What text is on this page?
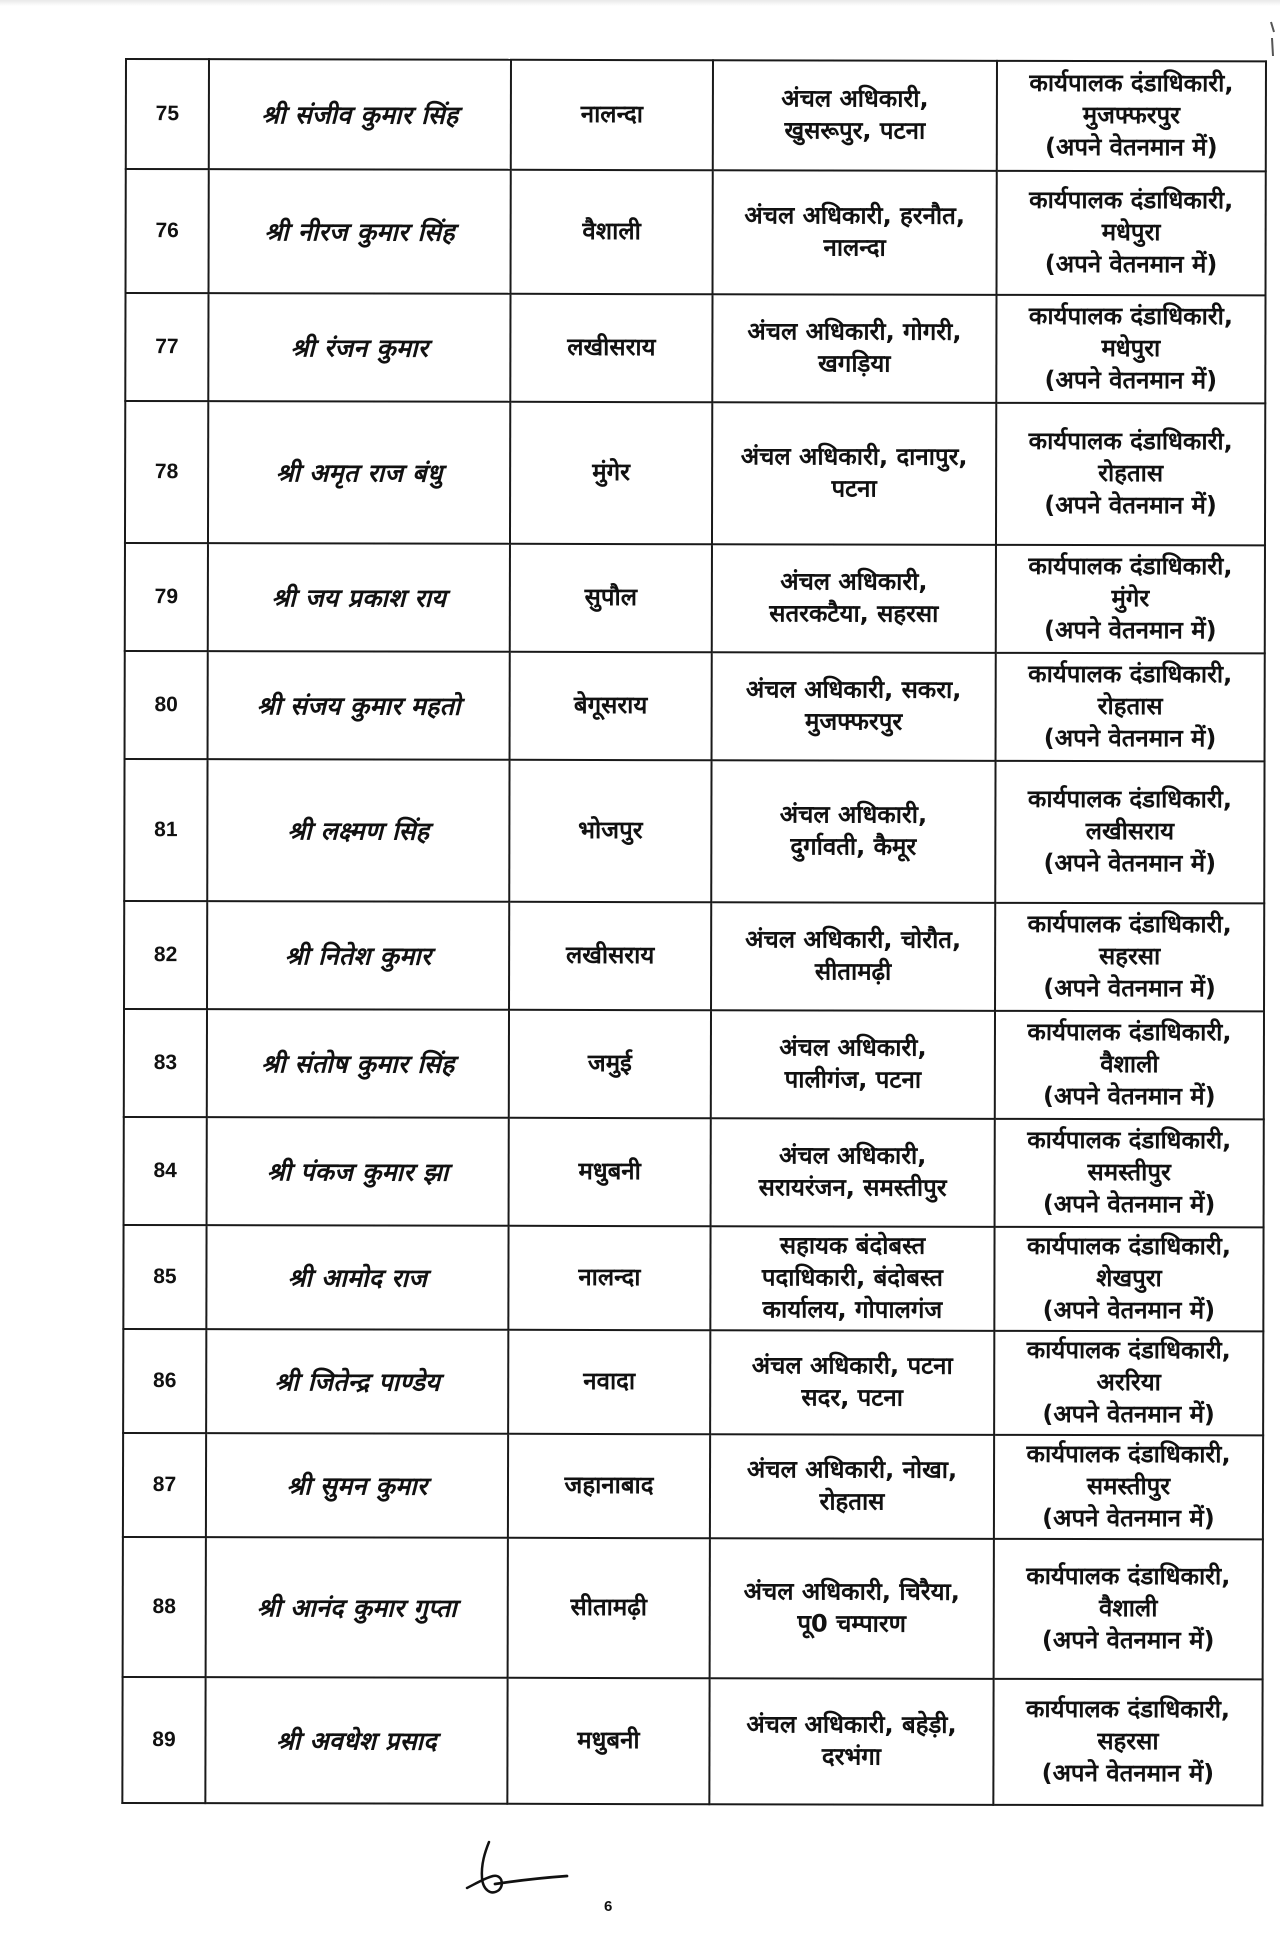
75	श्री संजीव कुमार सिंह	नालन्दा	अंचल अधिकारी,
खुसरूपुर, पटना	कार्यपालक दंडाधिकारी,
मुजफ्फरपुर
(अपने वेतनमान में)

76	श्री नीरज कुमार सिंह	वैशाली	अंचल अधिकारी, हरनौत,
नालन्दा	कार्यपालक दंडाधिकारी,
मधेपुरा
(अपने वेतनमान में)

77	श्री रंजन कुमार	लखीसराय	अंचल अधिकारी, गोगरी,
खगड़िया	कार्यपालक दंडाधिकारी,
मधेपुरा
(अपने वेतनमान में)

78	श्री अमृत राज बंधु	मुंगेर	अंचल अधिकारी, दानापुर,
पटना	कार्यपालक दंडाधिकारी,
रोहतास
(अपने वेतनमान में)

79	श्री जय प्रकाश राय	सुपौल	अंचल अधिकारी,
सतरकटैया, सहरसा	कार्यपालक दंडाधिकारी,
मुंगेर
(अपने वेतनमान में)

80	श्री संजय कुमार महतो	बेगूसराय	अंचल अधिकारी, सकरा,
मुजफ्फरपुर	कार्यपालक दंडाधिकारी,
रोहतास
(अपने वेतनमान में)

81	श्री लक्ष्मण सिंह	भोजपुर	अंचल अधिकारी,
दुर्गावती, कैमूर	कार्यपालक दंडाधिकारी,
लखीसराय
(अपने वेतनमान में)

82	श्री नितेश कुमार	लखीसराय	अंचल अधिकारी, चोरौत,
सीतामढ़ी	कार्यपालक दंडाधिकारी,
सहरसा
(अपने वेतनमान में)

83	श्री संतोष कुमार सिंह	जमुई	अंचल अधिकारी,
पालीगंज, पटना	कार्यपालक दंडाधिकारी,
वैशाली
(अपने वेतनमान में)

84	श्री पंकज कुमार झा	मधुबनी	अंचल अधिकारी,
सरायरंजन, समस्तीपुर	कार्यपालक दंडाधिकारी,
समस्तीपुर
(अपने वेतनमान में)

85	श्री आमोद राज	नालन्दा	सहायक बंदोबस्त
पदाधिकारी, बंदोबस्त
कार्यालय, गोपालगंज	कार्यपालक दंडाधिकारी,
शेखपुरा
(अपने वेतनमान में)

86	श्री जितेन्द्र पाण्डेय	नवादा	अंचल अधिकारी, पटना
सदर, पटना	कार्यपालक दंडाधिकारी,
अररिया
(अपने वेतनमान में)

87	श्री सुमन कुमार	जहानाबाद	अंचल अधिकारी, नोखा,
रोहतास	कार्यपालक दंडाधिकारी,
समस्तीपुर
(अपने वेतनमान में)

88	श्री आनंद कुमार गुप्ता	सीतामढ़ी	अंचल अधिकारी, चिरैया,
पू0 चम्पारण	कार्यपालक दंडाधिकारी,
वैशाली
(अपने वेतनमान में)

89	श्री अवधेश प्रसाद	मधुबनी	अंचल अधिकारी, बहेड़ी,
दरभंगा	कार्यपालक दंडाधिकारी,
सहरसा
(अपने वेतनमान में)
6
